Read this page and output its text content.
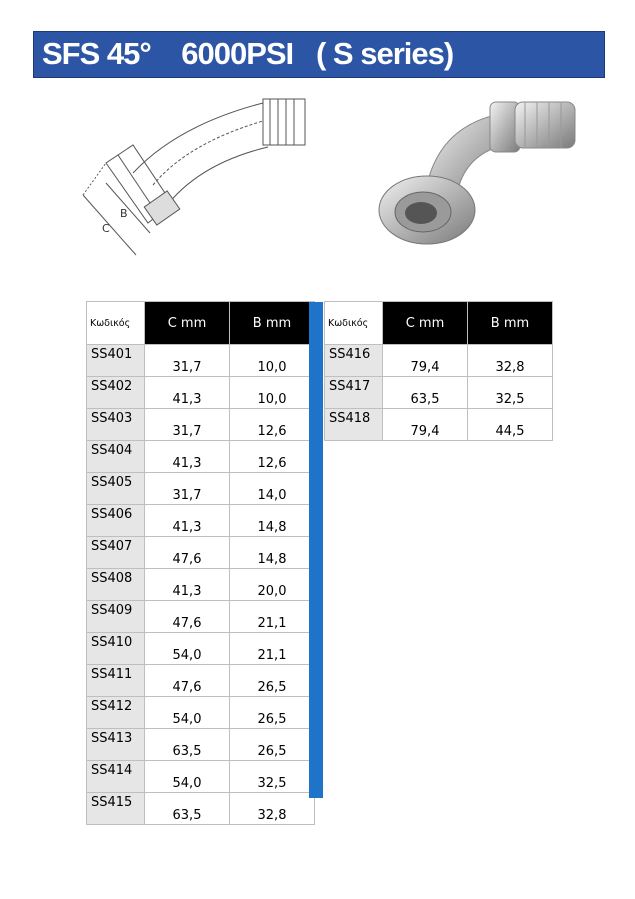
SFS 45°    6000PSI   ( S series)
B
C
Κωδικός	C mm	B mm
SS401	31,7	10,0
SS402	41,3	10,0
SS403	31,7	12,6
SS404	41,3	12,6
SS405	31,7	14,0
SS406	41,3	14,8
SS407	47,6	14,8
SS408	41,3	20,0
SS409	47,6	21,1
SS410	54,0	21,1
SS411	47,6	26,5
SS412	54,0	26,5
SS413	63,5	26,5
SS414	54,0	32,5
SS415	63,5	32,8
Κωδικός	C mm	B mm
SS416	79,4	32,8
SS417	63,5	32,5
SS418	79,4	44,5
